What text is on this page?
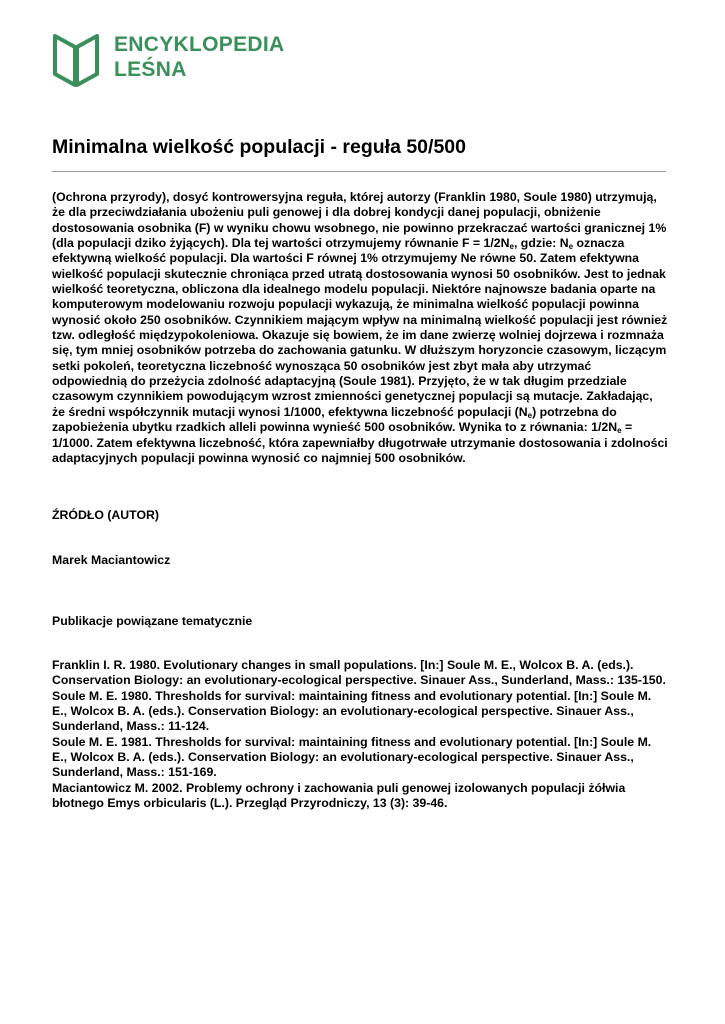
ENCYKLOPEDIA
LEŚNA
Minimalna wielkość populacji - reguła 50/500
(Ochrona przyrody), dosyć kontrowersyjna reguła, której autorzy (Franklin 1980, Soule 1980) utrzymują, że dla przeciwdziałania ubożeniu puli genowej i dla dobrej kondycji danej populacji, obniżenie dostosowania osobnika (F) w wyniku chowu wsobnego, nie powinno przekraczać wartości granicznej 1% (dla populacji dziko żyjących). Dla tej wartości otrzymujemy równanie $F = 1/2N_e$, gdzie: $N_e$ oznacza efektywną wielkość populacji. Dla wartości F równej 1% otrzymujemy Ne równe 50. Zatem efektywna wielkość populacji skutecznie chroniąca przed utratą dostosowania wynosi 50 osobników. Jest to jednak wielkość teoretyczna, obliczona dla idealnego modelu populacji. Niektóre najnowsze badania oparte na komputerowym modelowaniu rozwoju populacji wykazują, że minimalna wielkość populacji powinna wynosić około 250 osobników. Czynnikiem mającym wpływ na minimalną wielkość populacji jest również tzw. odległość międzypokoleniowa. Okazuje się bowiem, że im dane zwierzę wolniej dojrzewa i rozmnaża się, tym mniej osobników potrzeba do zachowania gatunku. W dłuższym horyzoncie czasowym, liczącym setki pokoleń, teoretyczna liczebność wynosząca 50 osobników jest zbyt mała aby utrzymać odpowiednią do przeżycia zdolność adaptacyjną (Soule 1981). Przyjęto, że w tak długim przedziale czasowym czynnikiem powodującym wzrost zmienności genetycznej populacji są mutacje. Zakładając, że średni współczynnik mutacji wynosi 1/1000, efektywna liczebność populacji $(N_e)$ potrzebna do zapobieżenia ubytku rzadkich alleli powinna wynieść 500 osobników. Wynika to z równania: $1/2N_e = 1/1000$. Zatem efektywna liczebność, która zapewniałby długotrwałe utrzymanie dostosowania i zdolności adaptacyjnych populacji powinna wynosić co najmniej 500 osobników.

ŹRÓDŁO (AUTOR)

Marek Maciantowicz

Publikacje powiązane tematycznie

Franklin I. R. 1980. Evolutionary changes in small populations. [In:] Soule M. E., Wolcox B. A. (eds.). Conservation Biology: an evolutionary-ecological perspective. Sinauer Ass., Sunderland, Mass.: 135-150.

Soule M. E. 1980. Thresholds for survival: maintaining fitness and evolutionary potential. [In:] Soule M. E., Wolcox B. A. (eds.). Conservation Biology: an evolutionary-ecological perspective. Sinauer Ass., Sunderland, Mass.: 11-124.

Soule M. E. 1981. Thresholds for survival: maintaining fitness and evolutionary potential. [In:] Soule M. E., Wolcox B. A. (eds.). Conservation Biology: an evolutionary-ecological perspective. Sinauer Ass., Sunderland, Mass.: 151-169.

Maciantowicz M. 2002. Problemy ochrony i zachowania puli genowej izolowanych populacji żółwia błotnego Emys orbicularis (L.). Przegląd Przyrodniczy, 13 (3): 39-46.
